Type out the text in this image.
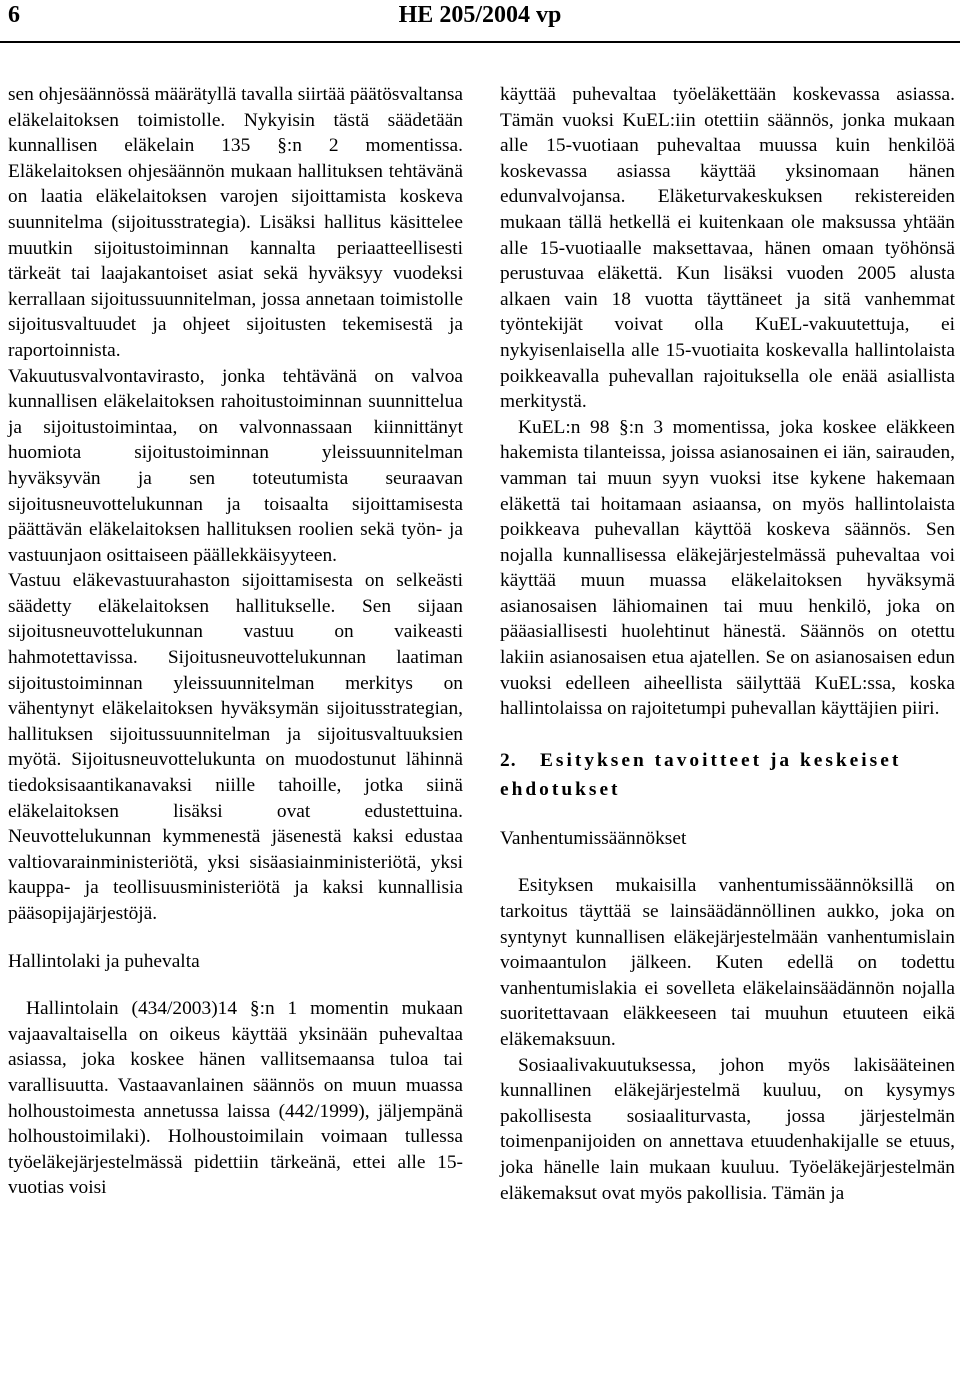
6	HE 205/2004 vp

sen ohjesäännössä määrätyllä tavalla siirtää päätösvaltansa eläkelaitoksen toimistolle. Nykyisin tästä säädetään kunnallisen eläkelain 135 §:n 2 momentissa. Eläkelaitoksen ohjesäännön mukaan hallituksen tehtävänä on laatia eläkelaitoksen varojen sijoittamista koskeva suunnitelma (sijoitusstrategia). Lisäksi hallitus käsittelee muutkin sijoitustoiminnan kannalta periaatteellisesti tärkeät tai laajakantoiset asiat sekä hyväksyy vuodeksi kerrallaan sijoitussuunnitelman, jossa annetaan toimistolle sijoitusvaltuudet ja ohjeet sijoitusten tekemisestä ja raportoinnista.

Vakuutusvalvontavirasto, jonka tehtävänä on valvoa kunnallisen eläkelaitoksen rahoitustoiminnan suunnittelua ja sijoitustoimintaa, on valvonnassaan kiinnittänyt huomiota sijoitustoiminnan yleissuunnitelman hyväksyvän ja sen toteutumista seuraavan sijoitusneuvottelukunnan ja toisaalta sijoittamisesta päättävän eläkelaitoksen hallituksen roolien sekä työn- ja vastuunjaon osittaiseen päällekkäisyyteen.

Vastuu eläkevastuurahaston sijoittamisesta on selkeästi säädetty eläkelaitoksen hallitukselle. Sen sijaan sijoitusneuvottelukunnan vastuu on vaikeasti hahmotettavissa. Sijoitusneuvottelukunnan laatiman sijoitustoiminnan yleissuunnitelman merkitys on vähentynyt eläkelaitoksen hyväksymän sijoitusstrategian, hallituksen sijoitussuunnitelman ja sijoitusvaltuuksien myötä. Sijoitusneuvottelukunta on muodostunut lähinnä tiedoksisaantikanavaksi niille tahoille, jotka siinä eläkelaitoksen lisäksi ovat edustettuina. Neuvottelukunnan kymmenestä jäsenestä kaksi edustaa valtiovarainministeriötä, yksi sisäasiainministeriötä, yksi kauppa- ja teollisuusministeriötä ja kaksi kunnallisia pääsopijajärjestöjä.

Hallintolaki ja puhevalta

Hallintolain (434/2003)14 §:n 1 momentin mukaan vajaavaltaisella on oikeus käyttää yksinään puhevaltaa asiassa, joka koskee hänen vallitsemaansa tuloa tai varallisuutta. Vastaavanlainen säännös on muun muassa holhoustoimesta annetussa laissa (442/1999), jäljempänä holhoustoimilaki). Holhoustoimilain voimaan tullessa työeläkejärjestelmässä pidettiin tärkeänä, ettei alle 15-vuotias voisi

käyttää puhevaltaa työeläkettään koskevassa asiassa. Tämän vuoksi KuEL:iin otettiin säännös, jonka mukaan alle 15-vuotiaan puhevaltaa muussa kuin henkilöä koskevassa asiassa käyttää yksinomaan hänen edunvalvojansa. Eläketurvakeskuksen rekistereiden mukaan tällä hetkellä ei kuitenkaan ole maksussa yhtään alle 15-vuotiaalle maksettavaa, hänen omaan työhönsä perustuvaa eläkettä. Kun lisäksi vuoden 2005 alusta alkaen vain 18 vuotta täyttäneet ja sitä vanhemmat työntekijät voivat olla KuEL-vakuutettuja, ei nykyisenlaisella alle 15-vuotiaita koskevalla hallintolaista poikkeavalla puhevallan rajoituksella ole enää asiallista merkitystä.

KuEL:n 98 §:n 3 momentissa, joka koskee eläkkeen hakemista tilanteissa, joissa asianosainen ei iän, sairauden, vamman tai muun syyn vuoksi itse kykene hakemaan eläkettä tai hoitamaan asiaansa, on myös hallintolaista poikkeava puhevallan käyttöä koskeva säännös. Sen nojalla kunnallisessa eläkejärjestelmässä puhevaltaa voi käyttää muun muassa eläkelaitoksen hyväksymä asianosaisen lähiomainen tai muu henkilö, joka on pääasiallisesti huolehtinut hänestä. Säännös on otettu lakiin asianosaisen etua ajatellen. Se on asianosaisen edun vuoksi edelleen aiheellista säilyttää KuEL:ssa, koska hallintolaissa on rajoitetumpi puhevallan käyttäjien piiri.

2. Esityksen tavoitteet ja keskeiset ehdotukset

Vanhentumissäännökset

Esityksen mukaisilla vanhentumissäännöksillä on tarkoitus täyttää se lainsäädännöllinen aukko, joka on syntynyt kunnallisen eläkejärjestelmään vanhentumislain voimaantulon jälkeen. Kuten edellä on todettu vanhentumislakia ei sovelleta eläkelainsäädännön nojalla suoritettavaan eläkkeeseen tai muuhun etuuteen eikä eläkemaksuun.

Sosiaalivakuutuksessa, johon myös lakisääteinen kunnallinen eläkejärjestelmä kuuluu, on kysymys pakollisesta sosiaaliturvasta, jossa järjestelmän toimenpanijoiden on annettava etuudenhakijalle se etuus, joka hänelle lain mukaan kuuluu. Työeläkejärjestelmän eläkemaksut ovat myös pakollisia. Tämän ja
